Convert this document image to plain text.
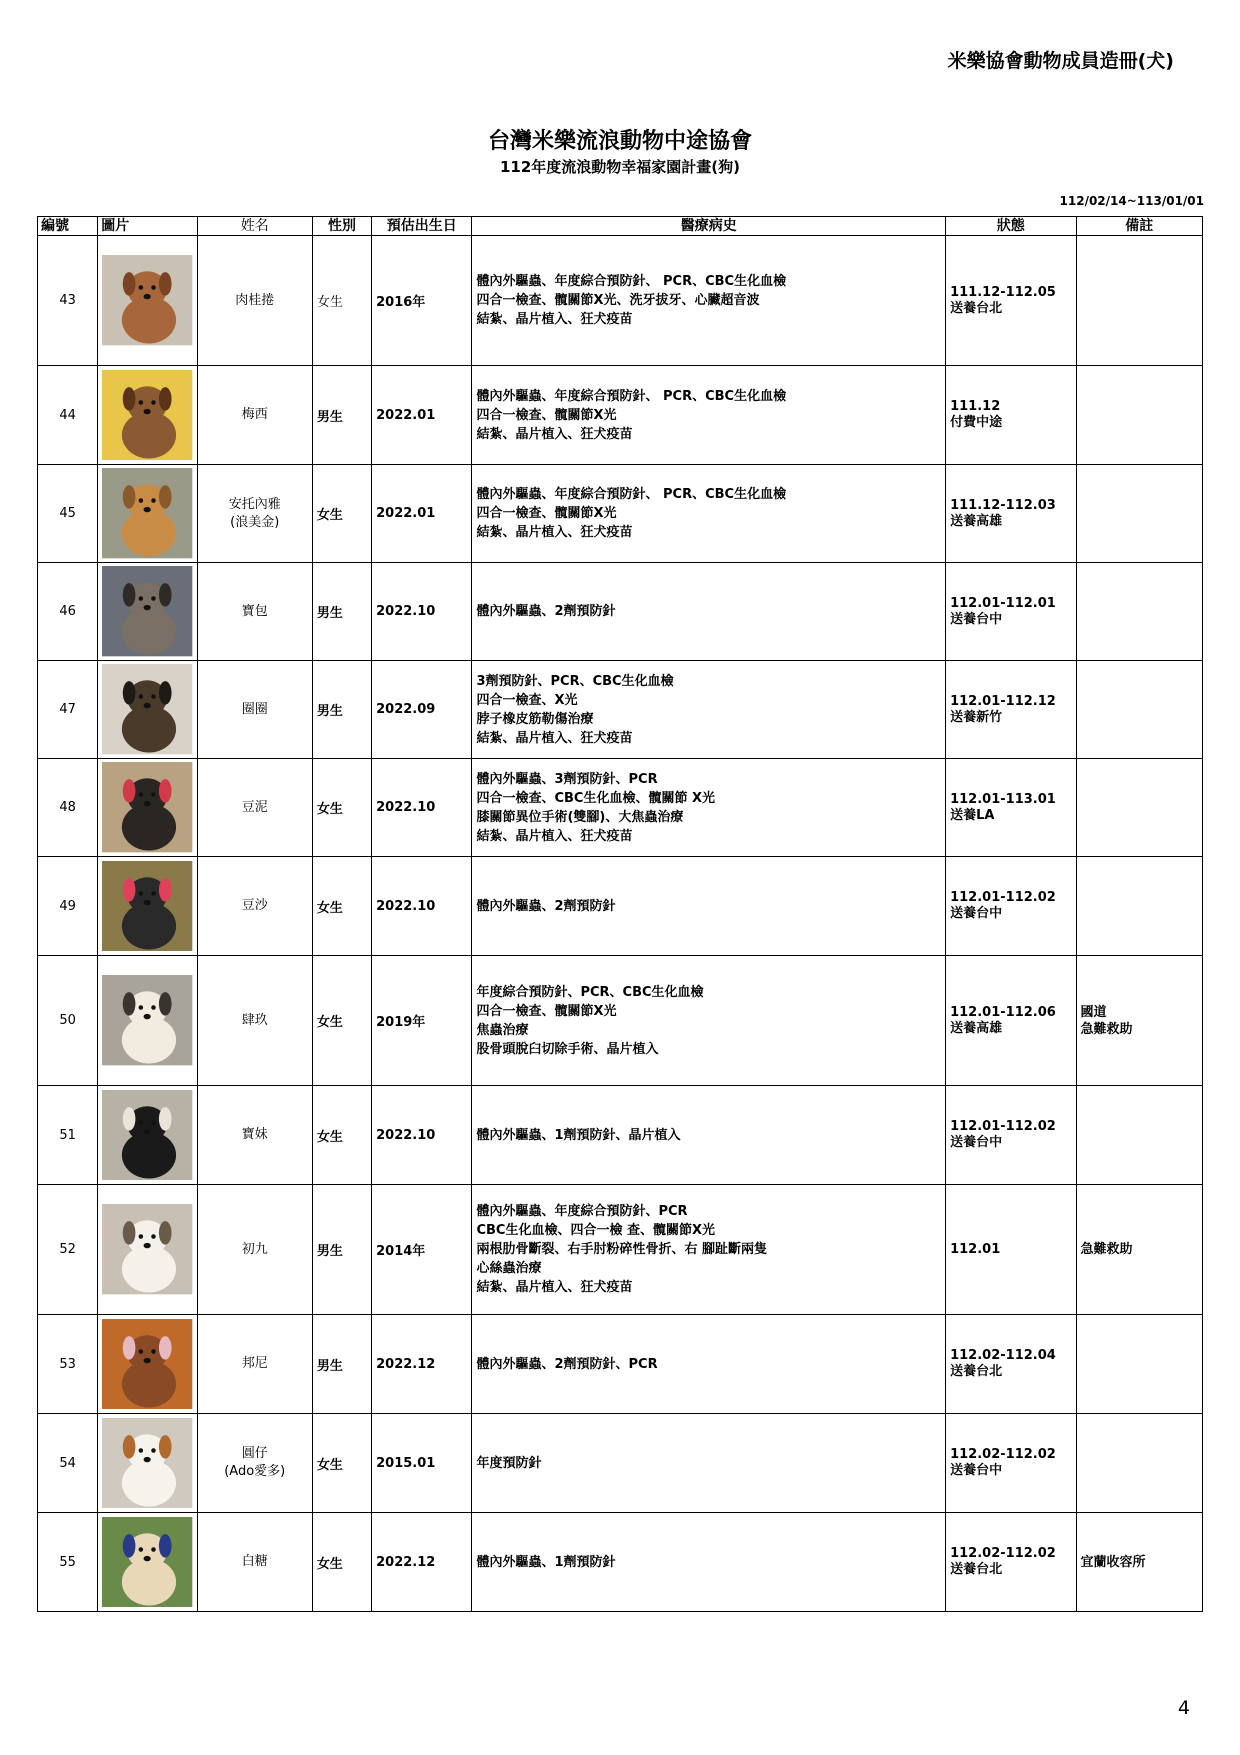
米樂協會動物成員造冊(犬)
台灣米樂流浪動物中途協會
112年度流浪動物幸福家園計畫(狗)
112/02/14~113/01/01
編號	圖片	姓名	性別	預估出生日	醫療病史	狀態	備註
43		肉桂捲	女生	2016年	體內外驅蟲、年度綜合預防針、 PCR、CBC生化血檢
四合一檢查、髖關節X光、洗牙拔牙、心臟超音波
結紮、晶片植入、狂犬疫苗	111.12-112.05
送養台北	

44		梅西	男生	2022.01	體內外驅蟲、年度綜合預防針、 PCR、CBC生化血檢
四合一檢查、髖關節X光
結紮、晶片植入、狂犬疫苗	111.12
付費中途	

45		安托內雅
(浪美金)	女生	2022.01	體內外驅蟲、年度綜合預防針、 PCR、CBC生化血檢
四合一檢查、髖關節X光
結紮、晶片植入、狂犬疫苗	111.12-112.03
送養高雄	

46		寶包	男生	2022.10	體內外驅蟲、2劑預防針	112.01-112.01
送養台中	

47		圈圈	男生	2022.09	3劑預防針、PCR、CBC生化血檢
四合一檢查、X光
脖子橡皮筋勒傷治療
結紮、晶片植入、狂犬疫苗	112.01-112.12
送養新竹	

48		豆泥	女生	2022.10	體內外驅蟲、3劑預防針、PCR
四合一檢查、CBC生化血檢、髖關節 X光
膝關節異位手術(雙腳)、大焦蟲治療
結紮、晶片植入、狂犬疫苗	112.01-113.01
送養LA	

49		豆沙	女生	2022.10	體內外驅蟲、2劑預防針	112.01-112.02
送養台中	

50		肆玖	女生	2019年	年度綜合預防針、PCR、CBC生化血檢
四合一檢查、髖關節X光
焦蟲治療
股骨頭脫臼切除手術、晶片植入	112.01-112.06
送養高雄	國道
急難救助

51		寶妹	女生	2022.10	體內外驅蟲、1劑預防針、晶片植入	112.01-112.02
送養台中	

52		初九	男生	2014年	體內外驅蟲、年度綜合預防針、PCR
CBC生化血檢、四合一檢 查、髖關節X光
兩根肋骨斷裂、右手肘粉碎性骨折、右 腳趾斷兩隻
心絲蟲治療
結紮、晶片植入、狂犬疫苗	112.01	急難救助

53		邦尼	男生	2022.12	體內外驅蟲、2劑預防針、PCR	112.02-112.04
送養台北	

54		圓仔
(Ado愛多)	女生	2015.01	年度預防針	112.02-112.02
送養台中	

55		白糖	女生	2022.12	體內外驅蟲、1劑預防針	112.02-112.02
送養台北	宜蘭收容所
4
